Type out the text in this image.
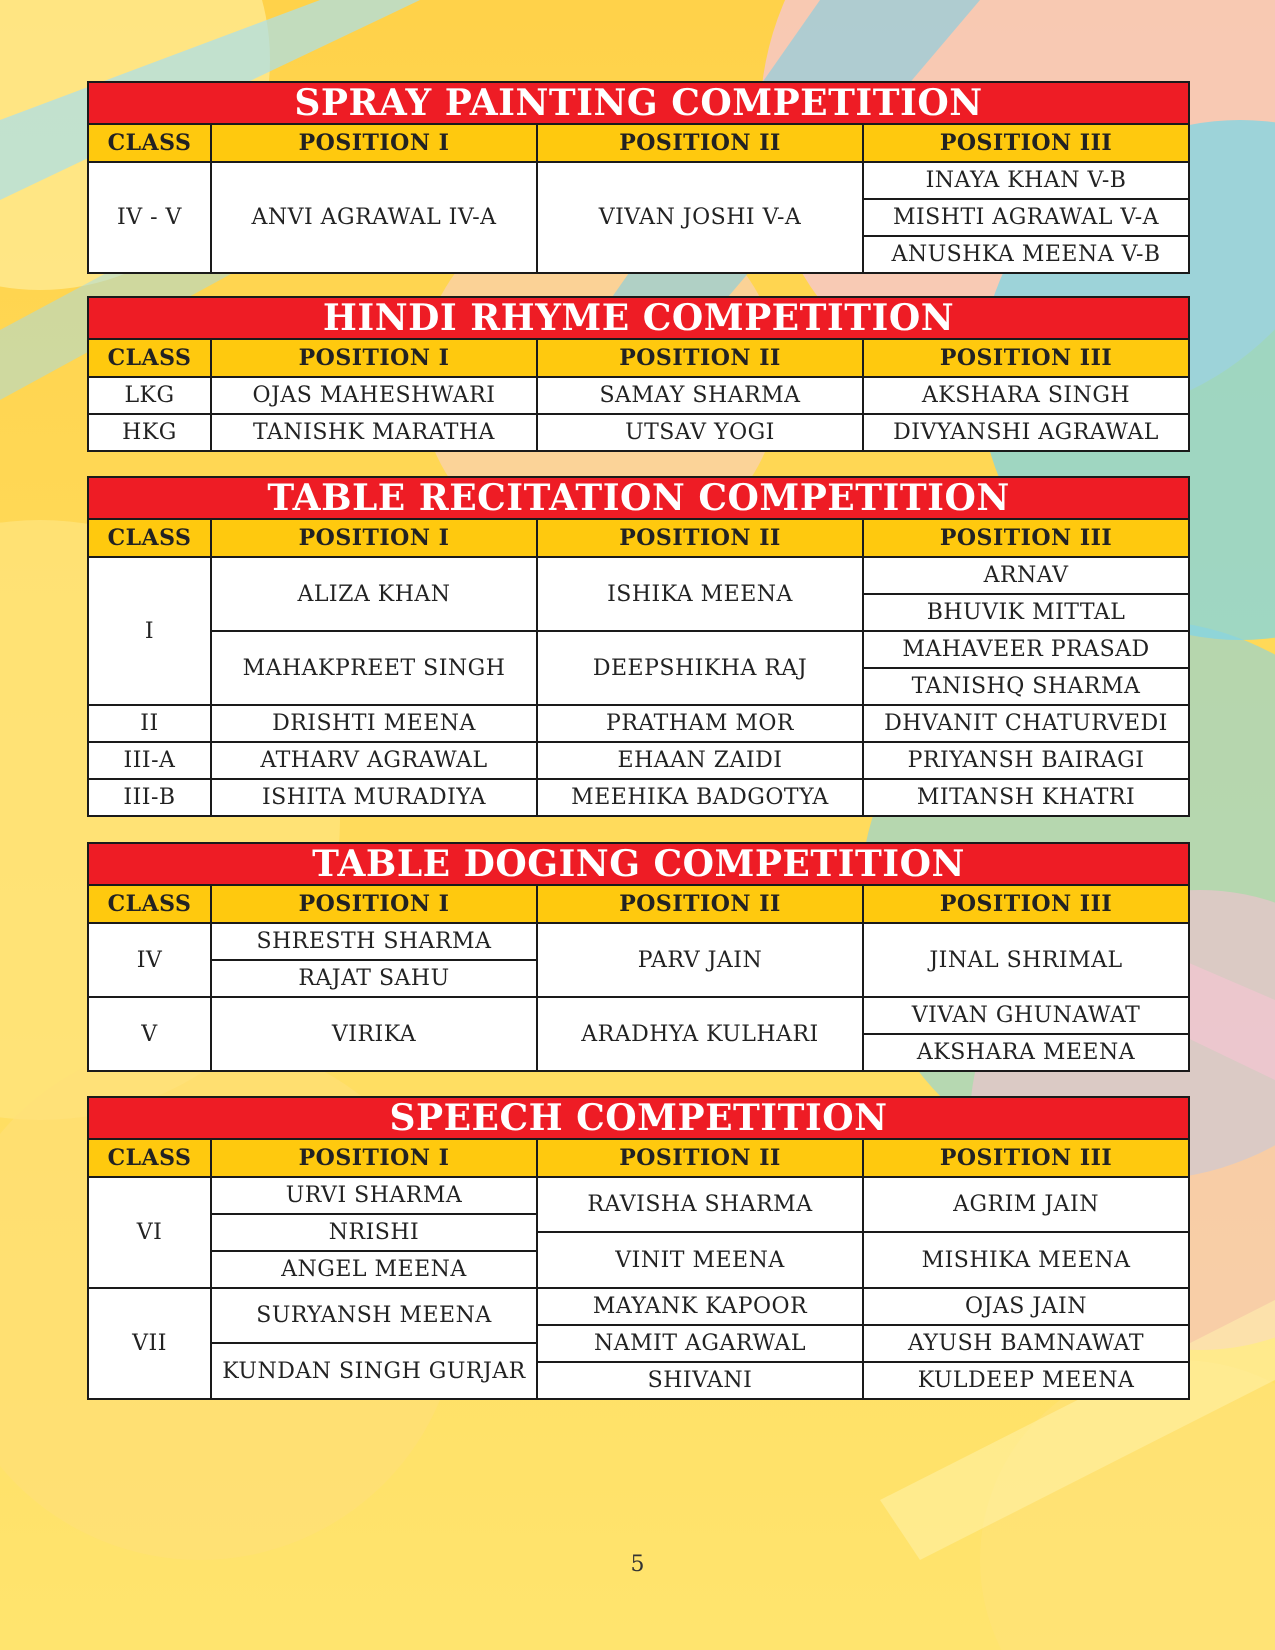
SPRAY PAINTING COMPETITION			
CLASS	POSITION I	POSITION II	POSITION III
IV - V	ANVI AGRAWAL IV-A	VIVAN JOSHI V-A	INAYA KHAN V-B
			MISHTI AGRAWAL V-A
			ANUSHKA MEENA V-B
HINDI RHYME COMPETITION			
CLASS	POSITION I	POSITION II	POSITION III
LKG	OJAS MAHESHWARI	SAMAY SHARMA	AKSHARA SINGH
HKG	TANISHK MARATHA	UTSAV YOGI	DIVYANSHI AGRAWAL
TABLE RECITATION COMPETITION			
CLASS	POSITION I	POSITION II	POSITION III
I	ALIZA KHAN	ISHIKA MEENA	ARNAV
			BHUVIK MITTAL
	MAHAKPREET SINGH	DEEPSHIKHA RAJ	MAHAVEER PRASAD
			TANISHQ SHARMA
II	DRISHTI MEENA	PRATHAM MOR	DHVANIT CHATURVEDI
III-A	ATHARV AGRAWAL	EHAAN ZAIDI	PRIYANSH BAIRAGI
III-B	ISHITA MURADIYA	MEEHIKA BADGOTYA	MITANSH KHATRI
TABLE DOGING COMPETITION			
CLASS	POSITION I	POSITION II	POSITION III
IV	SHRESTH SHARMA	PARV JAIN	JINAL SHRIMAL
	RAJAT SAHU		
V	VIRIKA	ARADHYA KULHARI	VIVAN GHUNAWAT
			AKSHARA MEENA
SPEECH COMPETITION			
CLASS	POSITION I	POSITION II	POSITION III
VI	URVI SHARMA	RAVISHA SHARMA	AGRIM JAIN

	NRISHI		
		VINIT MEENA	MISHIKA MEENA
	ANGEL MEENA		

VII	SURYANSH MEENA	MAYANK KAPOOR	OJAS JAIN

		NAMIT AGARWAL	AYUSH BAMNAWAT
	KUNDAN SINGH GURJAR		
		SHIVANI	KULDEEP MEENA

5
